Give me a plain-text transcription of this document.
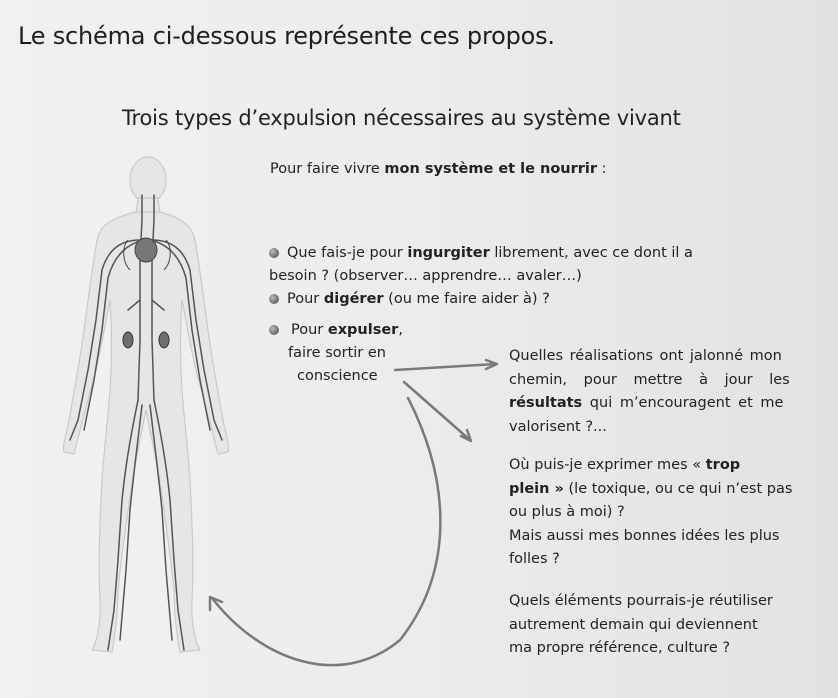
Le schéma ci-dessous représente ces propos.
Trois types d’expulsion nécessaires au système vivant
Pour faire vivre mon système et le nourrir :
Que fais-je pour ingurgiter librement, avec ce dont il a
besoin ? (observer… apprendre… avaler…)
Pour digérer (ou me faire aider à) ?
Pour expulser,
faire sortir en
conscience
Quelles réalisations ont jalonné mon
chemin, pour mettre à jour les
résultats qui m’encouragent et me
valorisent ?...
Où puis-je exprimer mes « trop
plein » (le toxique, ou ce qui n’est pas
ou plus à moi) ?
Mais aussi mes bonnes idées les plus
folles ?
Quels éléments pourrais-je réutiliser
autrement demain qui deviennent
ma propre référence, culture ?
